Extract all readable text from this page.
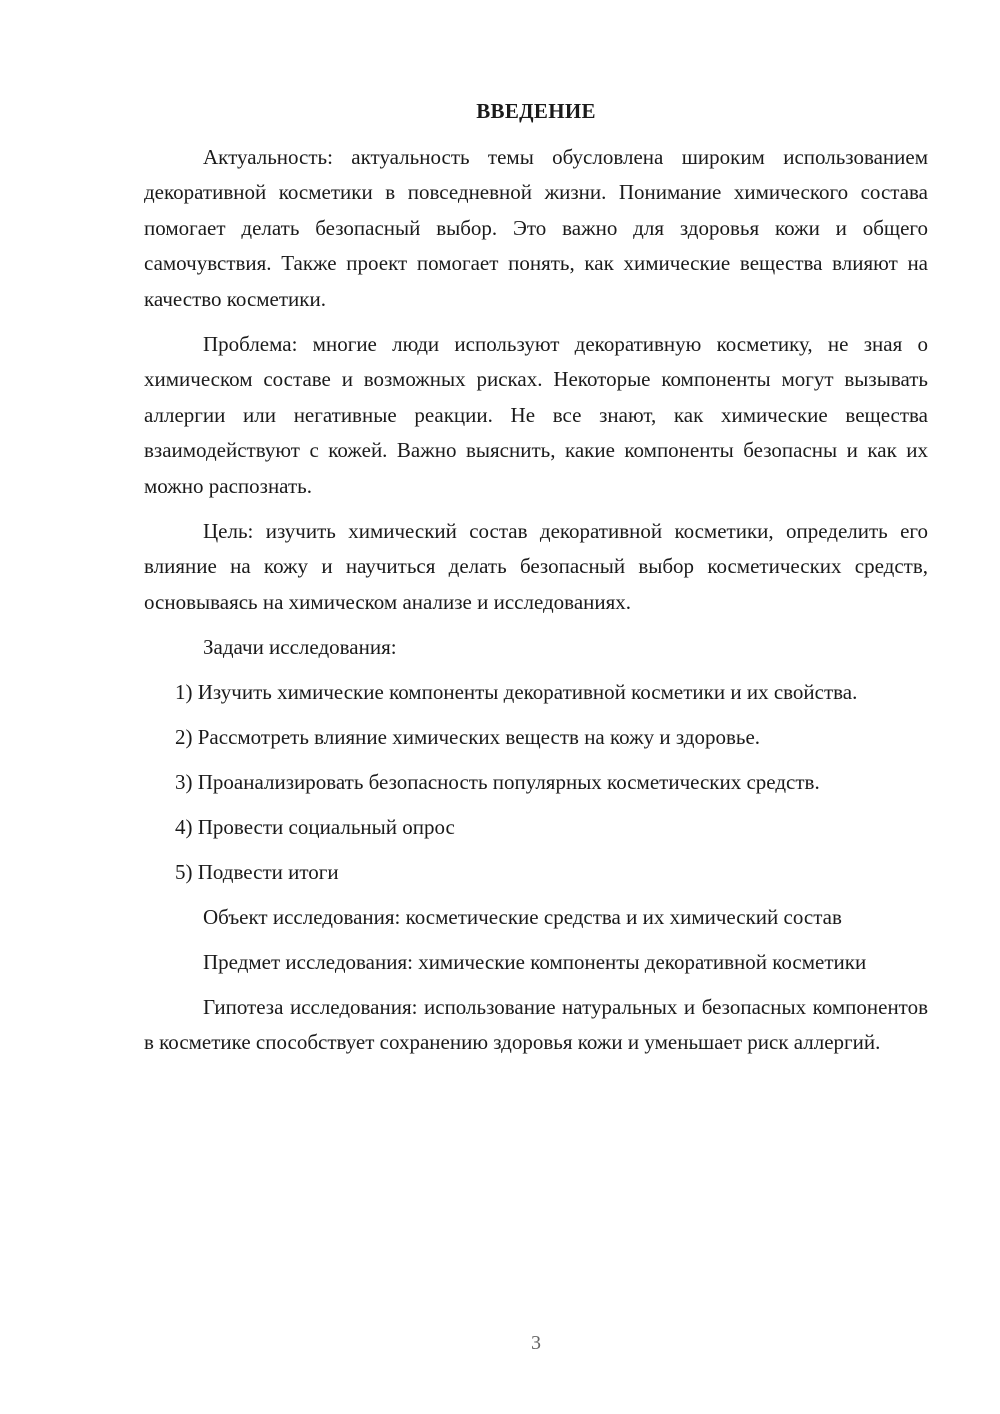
ВВЕДЕНИЕ

Актуальность: актуальность темы обусловлена широким использованием декоративной косметики в повседневной жизни. Понимание химического состава помогает делать безопасный выбор. Это важно для здоровья кожи и общего самочувствия. Также проект помогает понять, как химические вещества влияют на качество косметики.

Проблема: многие люди используют декоративную косметику, не зная о химическом составе и возможных рисках. Некоторые компоненты могут вызывать аллергии или негативные реакции. Не все знают, как химические вещества взаимодействуют с кожей. Важно выяснить, какие компоненты безопасны и как их можно распознать.

Цель: изучить химический состав декоративной косметики, определить его влияние на кожу и научиться делать безопасный выбор косметических средств, основываясь на химическом анализе и исследованиях.

Задачи исследования:

1) Изучить химические компоненты декоративной косметики и их свойства.

2) Рассмотреть влияние химических веществ на кожу и здоровье.

3) Проанализировать безопасность популярных косметических средств.

4) Провести социальный опрос

5) Подвести итоги

Объект исследования: косметические средства и их химический состав

Предмет исследования: химические компоненты декоративной косметики

Гипотеза исследования: использование натуральных и безопасных компонентов в косметике способствует сохранению здоровья кожи и уменьшает риск аллергий.

3
